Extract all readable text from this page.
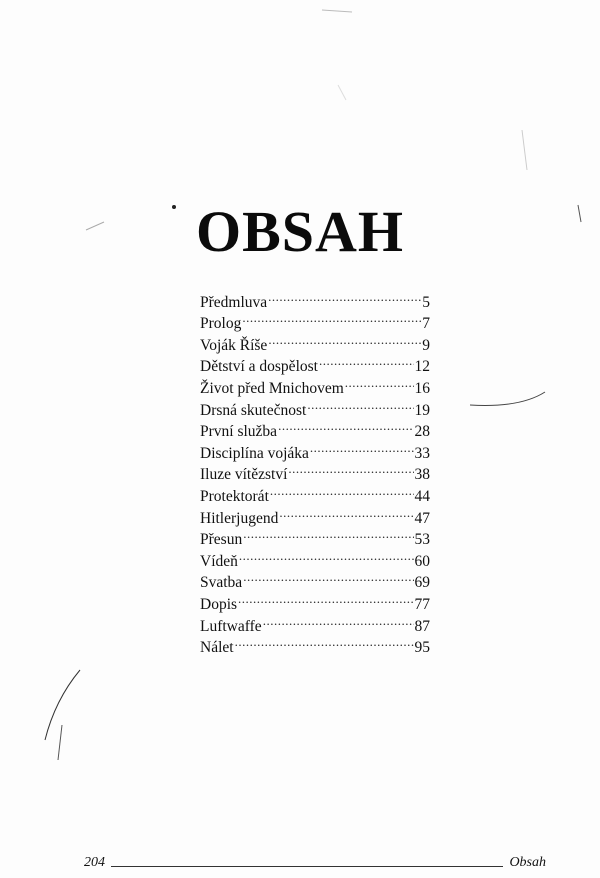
OBSAH
Předmluva .....	5
Prolog .....	7
Voják Říše .....	9
Dětství a dospělost .....	12
Život před Mnichovem .....	16
Drsná skutečnost .....	19
První služba .....	28
Disciplína vojáka .....	33
Iluze vítězství .....	38
Protektorát .....	44
Hitlerjugend .....	47
Přesun .....	53
Vídeň .....	60
Svatba .....	69
Dopis .....	77
Luftwaffe .....	87
Nálet .....	95
204	Obsah
